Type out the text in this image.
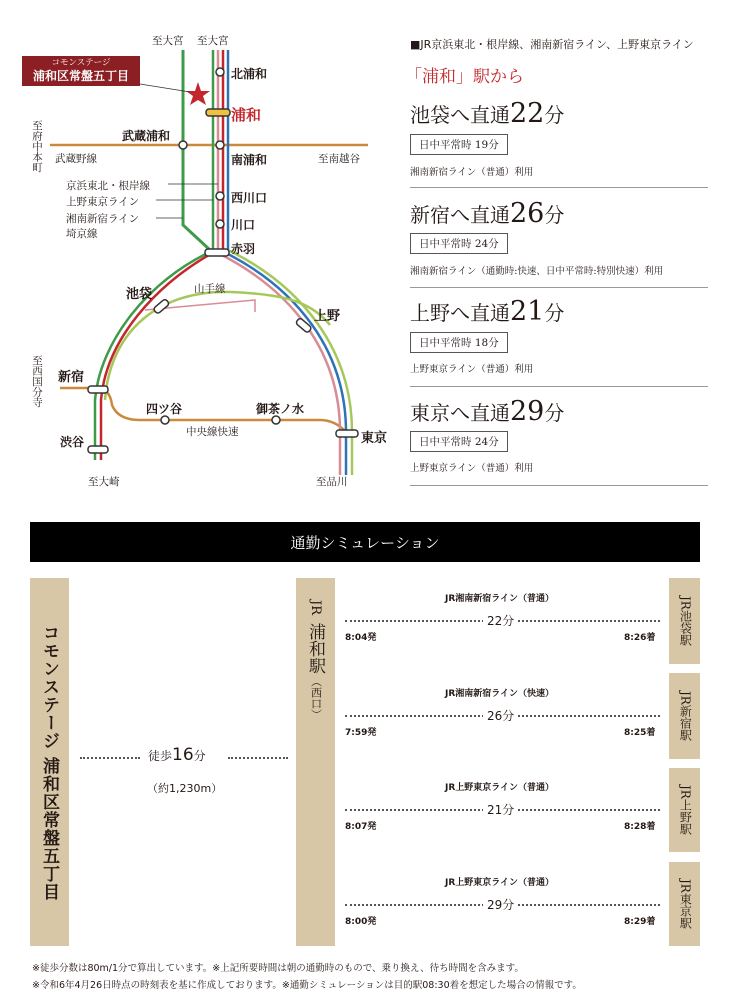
至大宮 至大宮
コモンステージ
浦和区常盤五丁目	北浦和
浦和
武蔵浦和
南浦和
西川口
川口
赤羽
池袋
上野
新宿
四ツ谷	御茶ノ水
渋谷	東京
武蔵野線
京浜東北・根岸線
上野東京ライン
湘南新宿ライン
埼京線
山手線
中央線快速
至府中本町	至南越谷
至西国分寺
至大崎	至品川
■JR京浜東北・根岸線、湘南新宿ライン、上野東京ライン
「浦和」駅から
池袋へ直通22分
日中平常時 19分
湘南新宿ライン（普通）利用
新宿へ直通26分
日中平常時 24分
湘南新宿ライン（通勤時:快速、日中平常時:特別快速）利用
上野へ直通21分
日中平常時 18分
上野東京ライン（普通）利用
東京へ直通29分
日中平常時 24分
上野東京ライン（普通）利用
通勤シミュレーション
コモンステージ 浦和区常盤五丁目	徒歩16分
（約1,230m）
JR
浦和駅
（西口）
JR湘南新宿ライン（普通）
22分
8:04発	8:26着 JR池袋駅
JR湘南新宿ライン（快速）
26分
7:59発	8:25着 JR新宿駅
JR上野東京ライン（普通）
21分
8:07発	8:28着 JR上野駅
JR上野東京ライン（普通）
29分
8:00発	8:29着 JR東京駅
※徒歩分数は80m/1分で算出しています。※上記所要時間は朝の通勤時のもので、乗り換え、待ち時間を含みます。
※令和6年4月26日時点の時刻表を基に作成しております。※通勤シミュレーションは目的駅08:30着を想定した場合の情報です。
